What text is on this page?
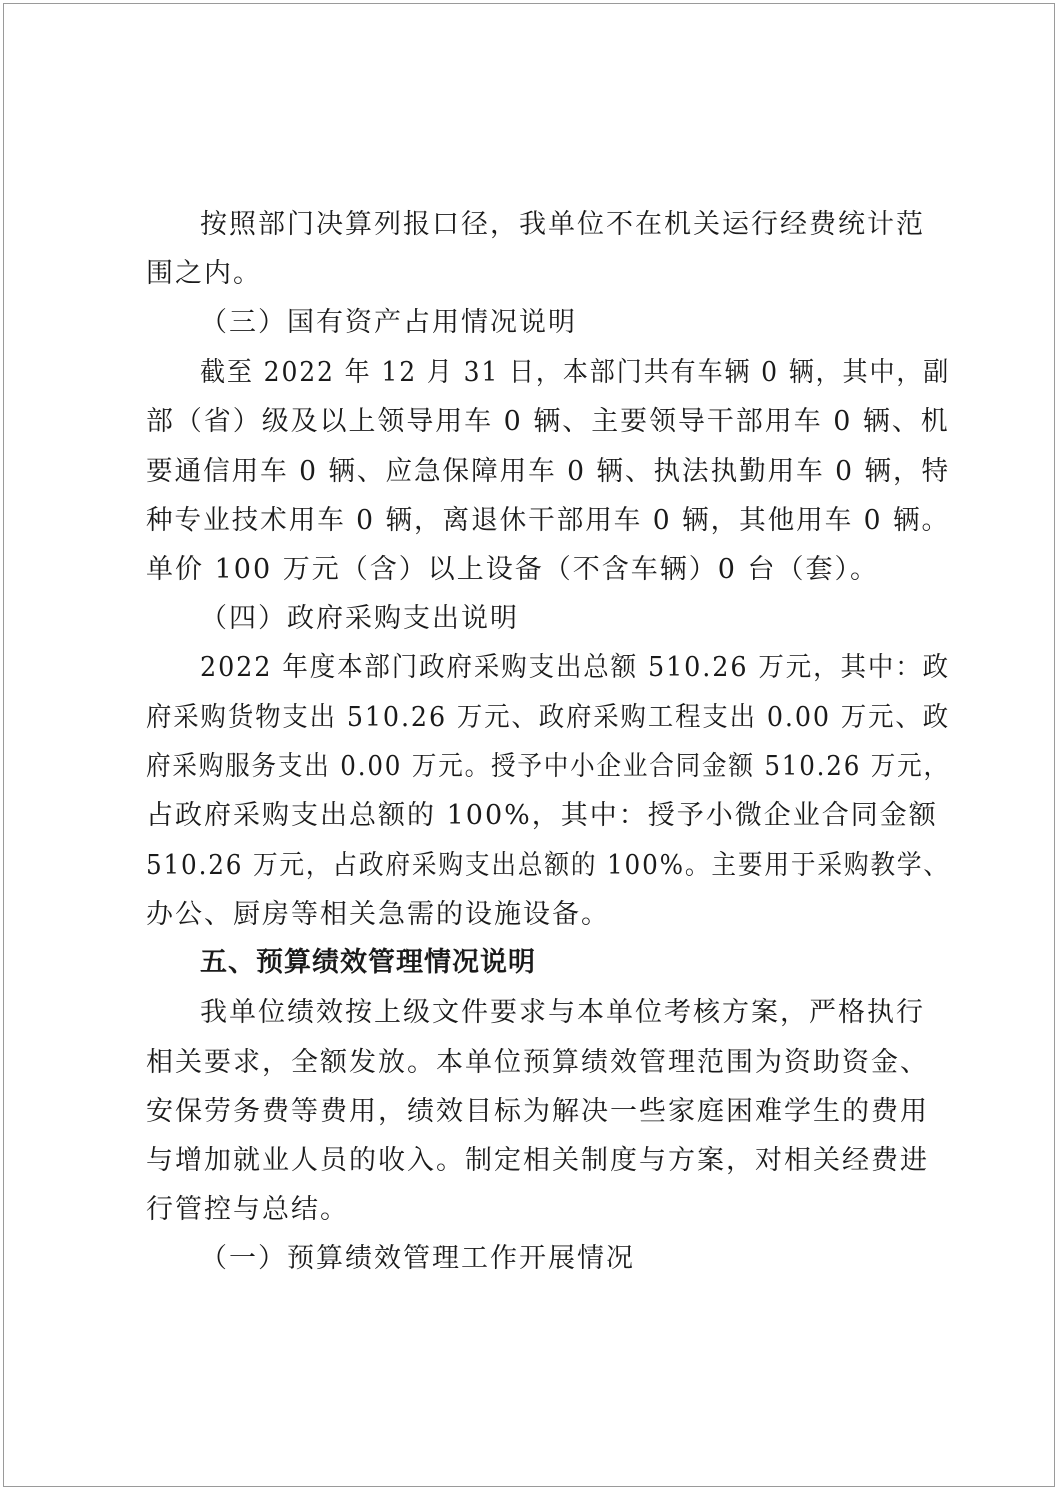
按照部门决算列报口径，我单位不在机关运行经费统计范
围之内。
（三）国有资产占用情况说明
截至 2022 年 12 月 31 日，本部门共有车辆 0 辆，其中，副
部（省）级及以上领导用车 0 辆、主要领导干部用车 0 辆、机
要通信用车 0 辆、应急保障用车 0 辆、执法执勤用车 0 辆，特
种专业技术用车 0 辆，离退休干部用车 0 辆，其他用车 0 辆。
单价 100 万元（含）以上设备（不含车辆）0 台（套）。
（四）政府采购支出说明
2022 年度本部门政府采购支出总额 510.26 万元，其中：政
府采购货物支出 510.26 万元、政府采购工程支出 0.00 万元、政
府采购服务支出 0.00 万元。授予中小企业合同金额 510.26 万元，
占政府采购支出总额的 100%，其中：授予小微企业合同金额
510.26 万元，占政府采购支出总额的 100%。主要用于采购教学、
办公、厨房等相关急需的设施设备。
五、预算绩效管理情况说明
我单位绩效按上级文件要求与本单位考核方案，严格执行
相关要求，全额发放。本单位预算绩效管理范围为资助资金、
安保劳务费等费用，绩效目标为解决一些家庭困难学生的费用
与增加就业人员的收入。制定相关制度与方案，对相关经费进
行管控与总结。
（一）预算绩效管理工作开展情况
